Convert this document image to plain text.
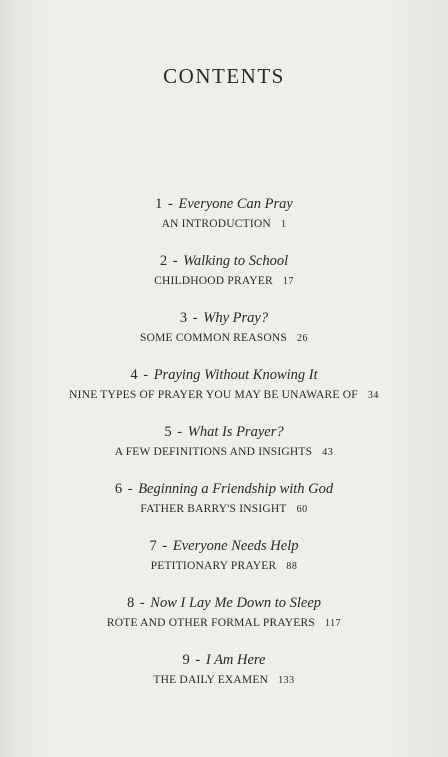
CONTENTS
1 - Everyone Can Pray
AN INTRODUCTION 1
2 - Walking to School
CHILDHOOD PRAYER 17
3 - Why Pray?
SOME COMMON REASONS 26
4 - Praying Without Knowing It
NINE TYPES OF PRAYER YOU MAY BE UNAWARE OF 34
5 - What Is Prayer?
A FEW DEFINITIONS AND INSIGHTS 43
6 - Beginning a Friendship with God
FATHER BARRY'S INSIGHT 60
7 - Everyone Needs Help
PETITIONARY PRAYER 88
8 - Now I Lay Me Down to Sleep
ROTE AND OTHER FORMAL PRAYERS 117
9 - I Am Here
THE DAILY EXAMEN 133
